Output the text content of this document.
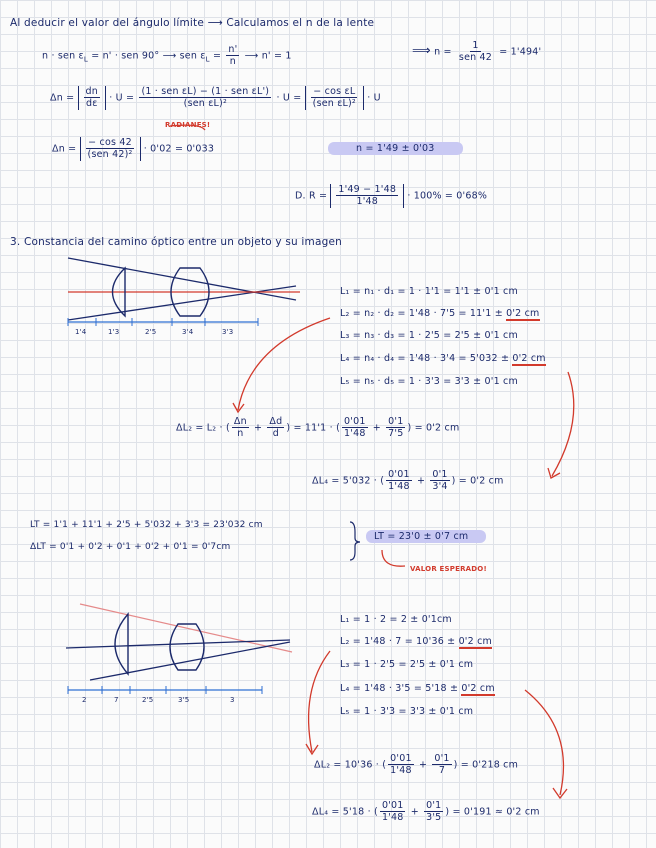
Al deducir el valor del ángulo límite ⟶ Calculamos el n de la lente
n · sen $\varepsilon_L = n'$ · sen 90° ⟶ sen $\varepsilon_L = \frac{n'}{n}$ ⟶ n' = 1	⟹ $n = \frac{1}{\text{sen 42}} = 1'494'$
$\Delta n = \frac{dn}{d\varepsilon} \cdot U = \frac{\text{(1 · sen εL) − (1 · sen εL')}}{\text{(sen εL)²}} \cdot U = \frac{\text{− cos εL}}{\text{(sen εL)²}} \cdot U$
RADIANES!
$\Delta n = \frac{- \cos 42}{\text{(sen 42)²}} \cdot 0'02 = 0'033$	n = 1'49 ± 0'03
D. $R = \frac{1'49 - 1'48}{1'48} \cdot 100\% = 0'68\%$
3. Constancia del camino óptico entre un objeto y su imagen
1'4	1'3	2'5	3'4	3'3
L₁ = n₁ · d₁ = 1 · 1'1 = 1'1 ± 0'1 cm
L₂ = n₂ · d₂ = 1'48 · 7'5 = 11'1 ± 0'2 cm
L₃ = n₃ · d₃ = 1 · 2'5 = 2'5 ± 0'1 cm
L₄ = n₄ · d₄ = 1'48 · 3'4 = 5'032 ± 0'2 cm
L₅ = n₅ · d₅ = 1 · 3'3 = 3'3 ± 0'1 cm
ΔL₂ = L₂ · ( $\frac{\Delta n}{n} + \frac{\Delta d}{d}$ ) = 11'1 · ( $\frac{0'01}{1'48} + \frac{0'1}{7'5}$ ) = 0'2 cm
ΔL₄ = 5'032 · ( $\frac{0'01}{1'48} + \frac{0'1}{3'4}$ ) = 0'2 cm
LT = 1'1 + 11'1 + 2'5 + 5'032 + 3'3 = 23'032 cm
ΔLT = 0'1 + 0'2 + 0'1 + 0'2 + 0'1 = 0'7cm
LT = 23'0 ± 0'7 cm
VALOR ESPERADO!
2	7	2'5	3'5	3
L₁ = 1 · 2 = 2 ± 0'1cm
L₂ = 1'48 · 7 = 10'36 ± 0'2 cm
L₃ = 1 · 2'5 = 2'5 ± 0'1 cm
L₄ = 1'48 · 3'5 = 5'18 ± 0'2 cm
L₅ = 1 · 3'3 = 3'3 ± 0'1 cm
ΔL₂ = 10'36 · ( $\frac{0'01}{1'48} + \frac{0'1}{7}$ ) = 0'218 cm
ΔL₄ = 5'18 · ( $\frac{0'01}{1'48} + \frac{0'1}{3'5}$ ) = 0'191 ≈ 0'2 cm
